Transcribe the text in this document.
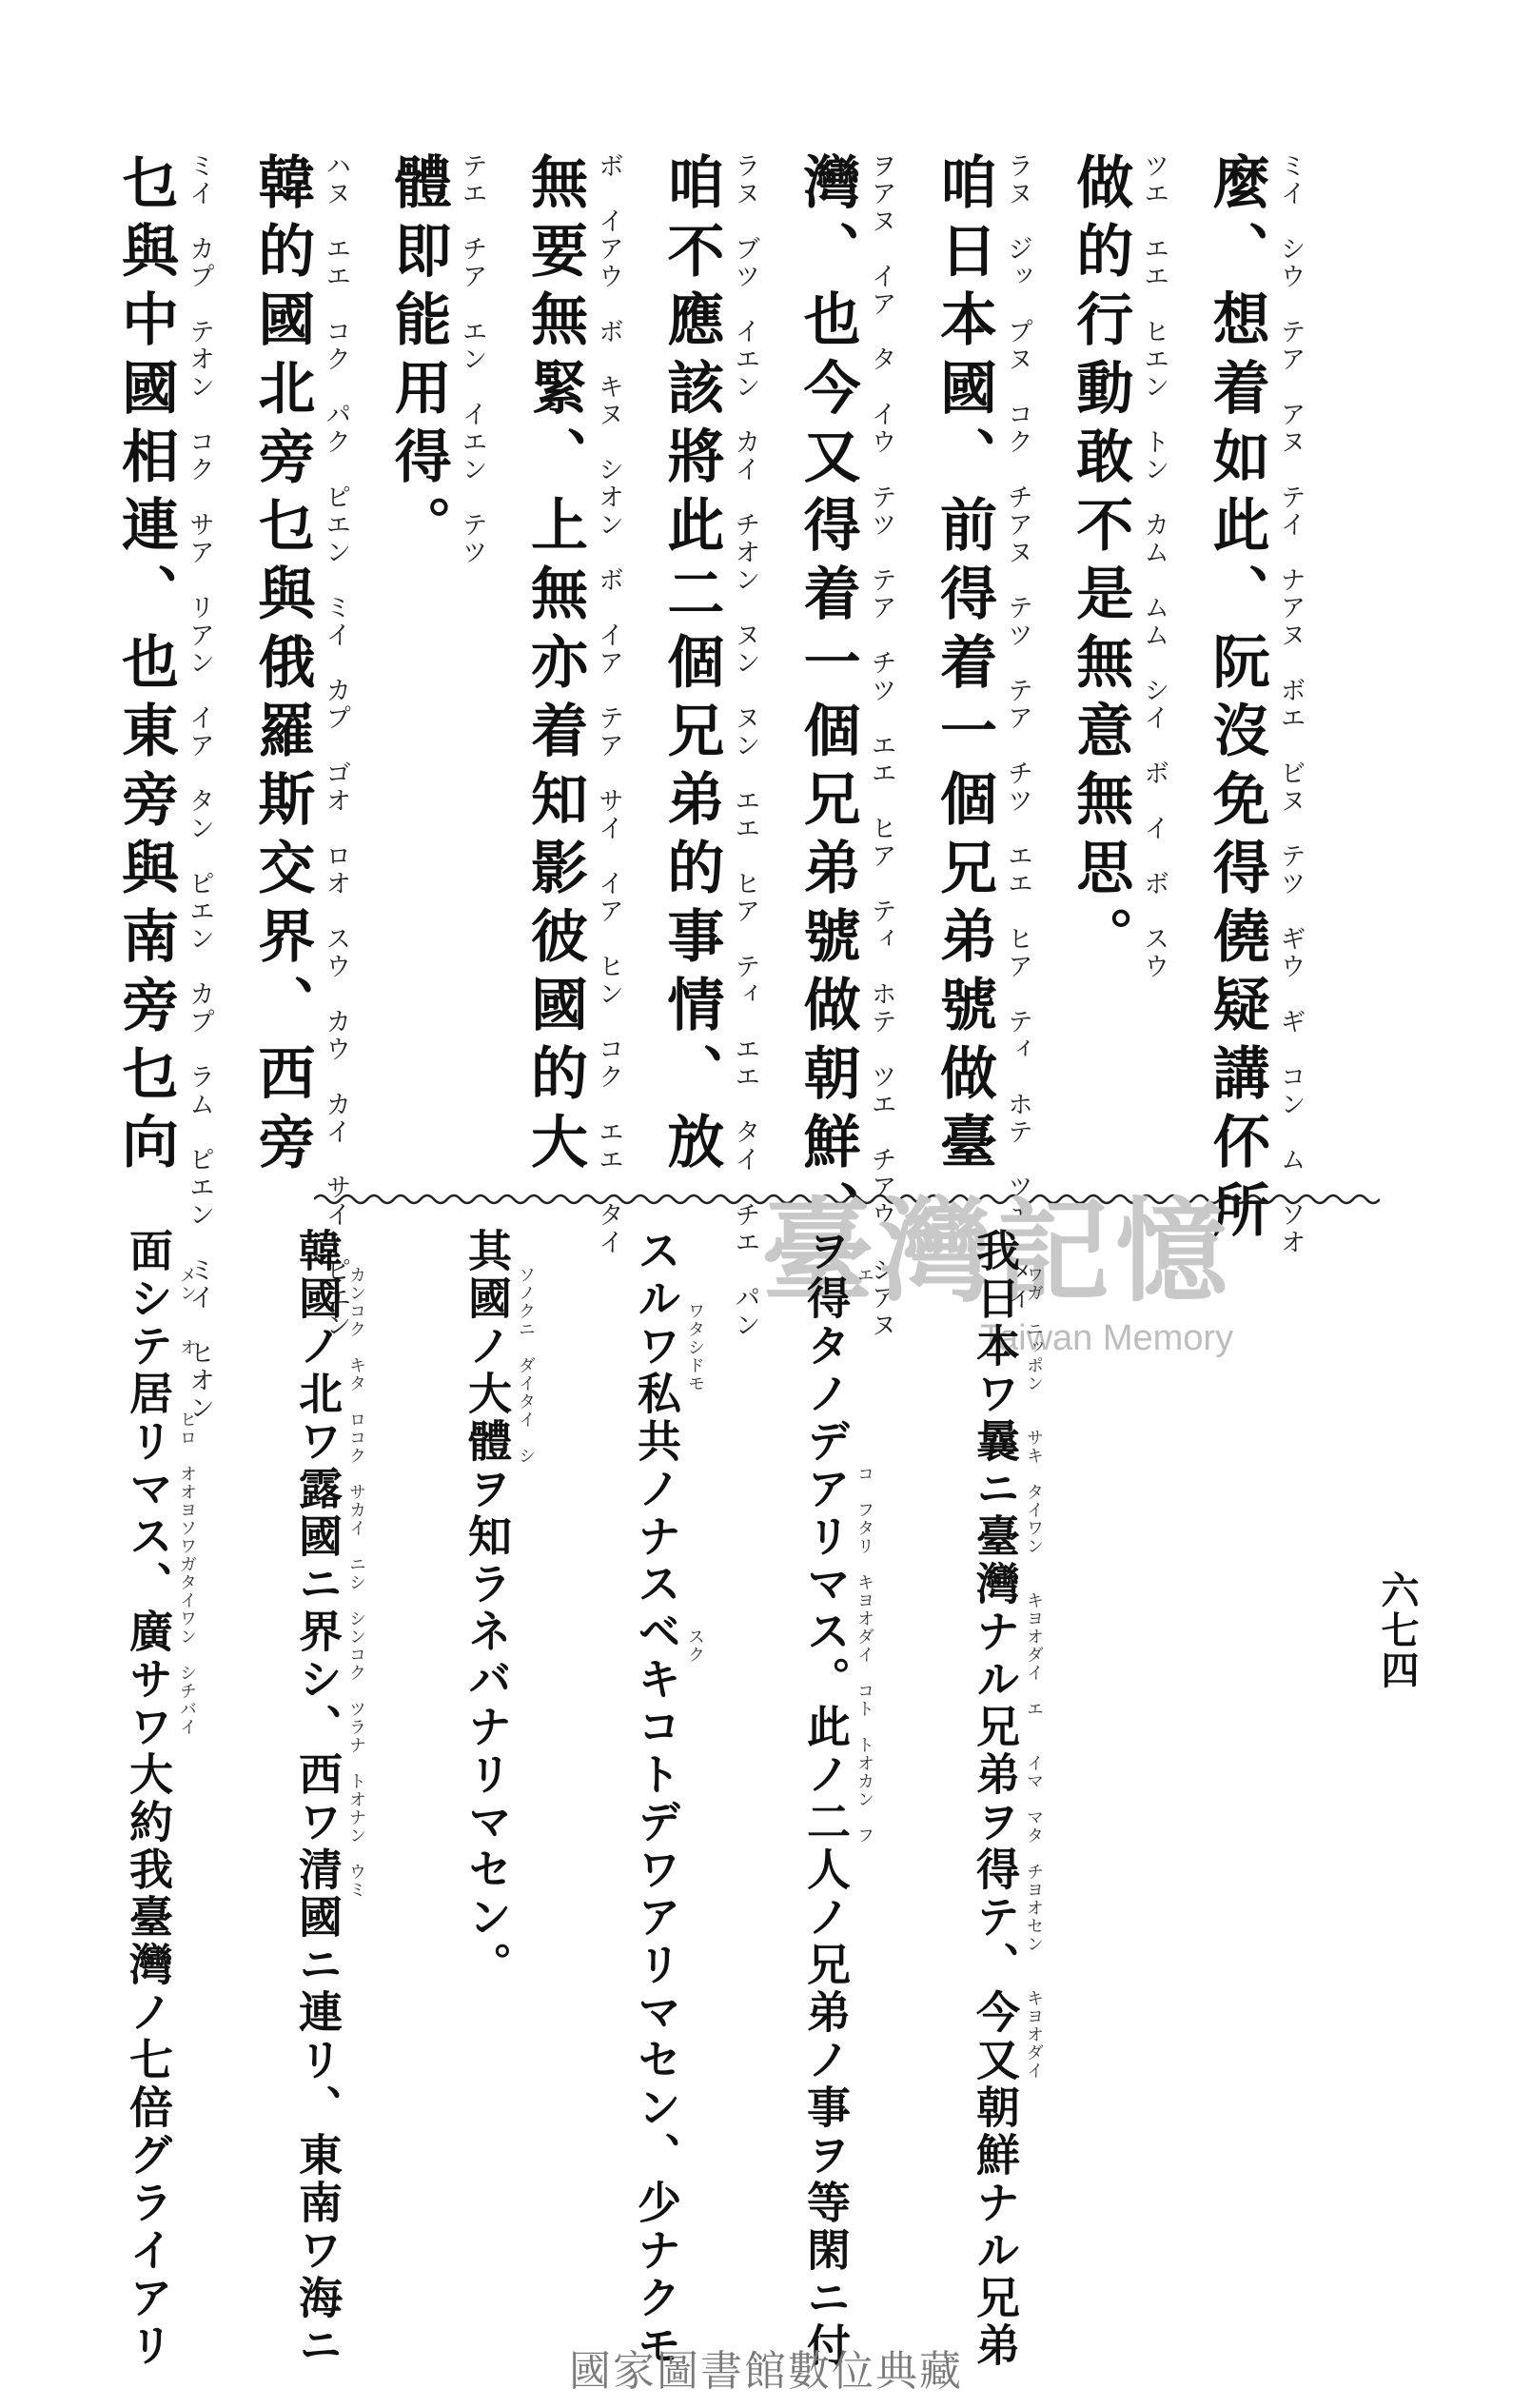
麼、想着如此、阮沒免得僥疑講伓所 ミイ　シウ　テア　アヌ　テイ　ナアヌ　ボエ　ビヌ　テツ　ギウ　ギ　コン　ム　ソオ
做的行動敢不是無意無思。 ツエ　エエ　ヒエン　トン　カム　ムム　シイ　ボ　イ　ボ　スウ
咱日本國、前得着一個兄弟號做臺 ラヌ　ジッ　プヌ　コク　チアヌ　テツ　テア　チツ　エエ　ヒア　ティ　ホテ　ツエ　タイ
灣、也今又得着一個兄弟號做朝鮮、 ヲアヌ　イア　タ　イウ　テツ　テア　チツ　エエ　ヒア　ティ　ホテ　ツエ　チアウ　シアヌ
咱不應該將此二個兄弟的事情、放 ラヌ　ブツ　イエン　カイ　チオン　ヌン　ヌン　エエ　ヒア　ティ　エエ　タイ　チエ　パン
無要無緊、上無亦着知影彼國的大 ボ　イアウ　ボ　キヌ　シオン　ボ　イア　テア　サイ　イア　ヒン　コク　エエ　タイ
體即能用得。 テエ　チア　エン　イエン　テツ
韓的國北旁乜與俄羅斯交界、西旁 ハヌ　エエ　コク　パク　ピエン　ミイ　カプ　ゴオ　ロオ　スウ　カウ　カイ　サイ　ピエン
乜與中國相連、也東旁與南旁乜向 ミイ　カプ　テオン　コク　サア　リアン　イア　タン　ピエン　カプ　ラム　ピエン　ミイ　ヒオン	臺灣記憶
Taiwan Memory
我日本ワ曩ニ臺灣ナル兄弟ヲ得テ、今又朝鮮ナル兄弟 ワガ　ニッポン　　サキ　タイワン　　キヨオダイ　エ　　イマ　マタ　チヨオセン　　キヨオダイ
ヲ得タノデアリマス。此ノ二人ノ兄弟ノ事ヲ等閑ニ付 エ　　　　　　　　　　コ　フタリ　キヨオダイ　コト　トオカン　フ
スルワ私共ノナスベキコトデワアリマセン、少ナクモ 　　ワタシドモ　　　　　　　　　　　　　スク
其國ノ大體ヲ知ラネバナリマセン。 ソノクニ　ダイタイ　シ
韓國ノ北ワ露國ニ界シ、西ワ清國ニ連リ、東南ワ海ニ カンコク　キタ　ロコク　サカイ　ニシ　シンコク　ツラナ　トオナン　ウミ
面シテ居リマス、廣サワ大約我臺灣ノ七倍グライアリ メン　　オ　　　ヒロ　オオヨソワガタイワン　シチバイ	六七四
國家圖書館數位典藏
